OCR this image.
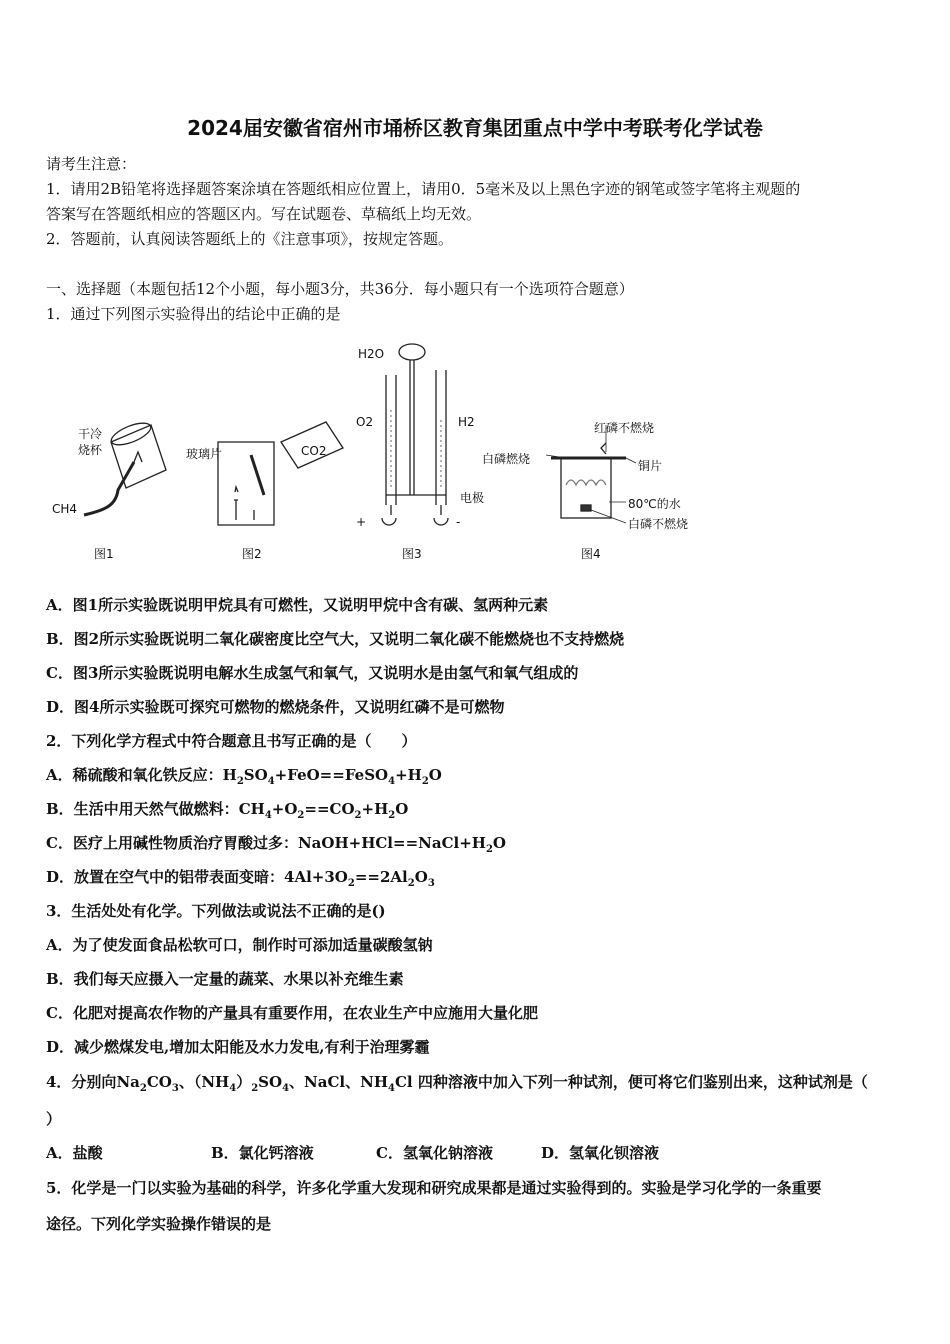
2024届安徽省宿州市埇桥区教育集团重点中学中考联考化学试卷
请考生注意：
1．请用2B铅笔将选择题答案涂填在答题纸相应位置上，请用0．5毫米及以上黑色字迹的钢笔或签字笔将主观题的
答案写在答题纸相应的答题区内。写在试题卷、草稿纸上均无效。
2．答题前，认真阅读答题纸上的《注意事项》，按规定答题。
一、选择题（本题包括12个小题，每小题3分，共36分．每小题只有一个选项符合题意）
1．通过下列图示实验得出的结论中正确的是
干冷
烧杯
CH4
图1
玻璃片	CO2
图2
H2O
O2	H2
电极
+	-
图3
红磷不燃烧
白磷燃烧	铜片
80℃的水
白磷不燃烧
图4
A．图1所示实验既说明甲烷具有可燃性，又说明甲烷中含有碳、氢两种元素
B．图2所示实验既说明二氧化碳密度比空气大，又说明二氧化碳不能燃烧也不支持燃烧
C．图3所示实验既说明电解水生成氢气和氧气，又说明水是由氢气和氧气组成的
D．图4所示实验既可探究可燃物的燃烧条件，又说明红磷不是可燃物
2．下列化学方程式中符合题意且书写正确的是（　　）
A．稀硫酸和氧化铁反应：$H_2SO_4+FeO==FeSO_4+H_2O$
B．生活中用天然气做燃料：$CH_4+O_2==CO_2+H_2O$
C．医疗上用碱性物质治疗胃酸过多：$NaOH+HCl==NaCl+H_2O$
D．放置在空气中的铝带表面变暗：$4Al+3O_2==2Al_2O_3$
3．生活处处有化学。下列做法或说法不正确的是()
A．为了使发面食品松软可口，制作时可添加适量碳酸氢钠
B．我们每天应摄入一定量的蔬菜、水果以补充维生素
C．化肥对提高农作物的产量具有重要作用，在农业生产中应施用大量化肥
D．减少燃煤发电,增加太阳能及水力发电,有利于治理雾霾
4．分别向$Na_2CO_3$、$(NH_4)_2SO_4$、NaCl、$NH_4Cl$ 四种溶液中加入下列一种试剂，便可将它们鉴别出来，这种试剂是（
）
A．盐酸	B．氯化钙溶液	C．氢氧化钠溶液	D．氢氧化钡溶液
5．化学是一门以实验为基础的科学，许多化学重大发现和研究成果都是通过实验得到的。实验是学习化学的一条重要
途径。下列化学实验操作错误的是
